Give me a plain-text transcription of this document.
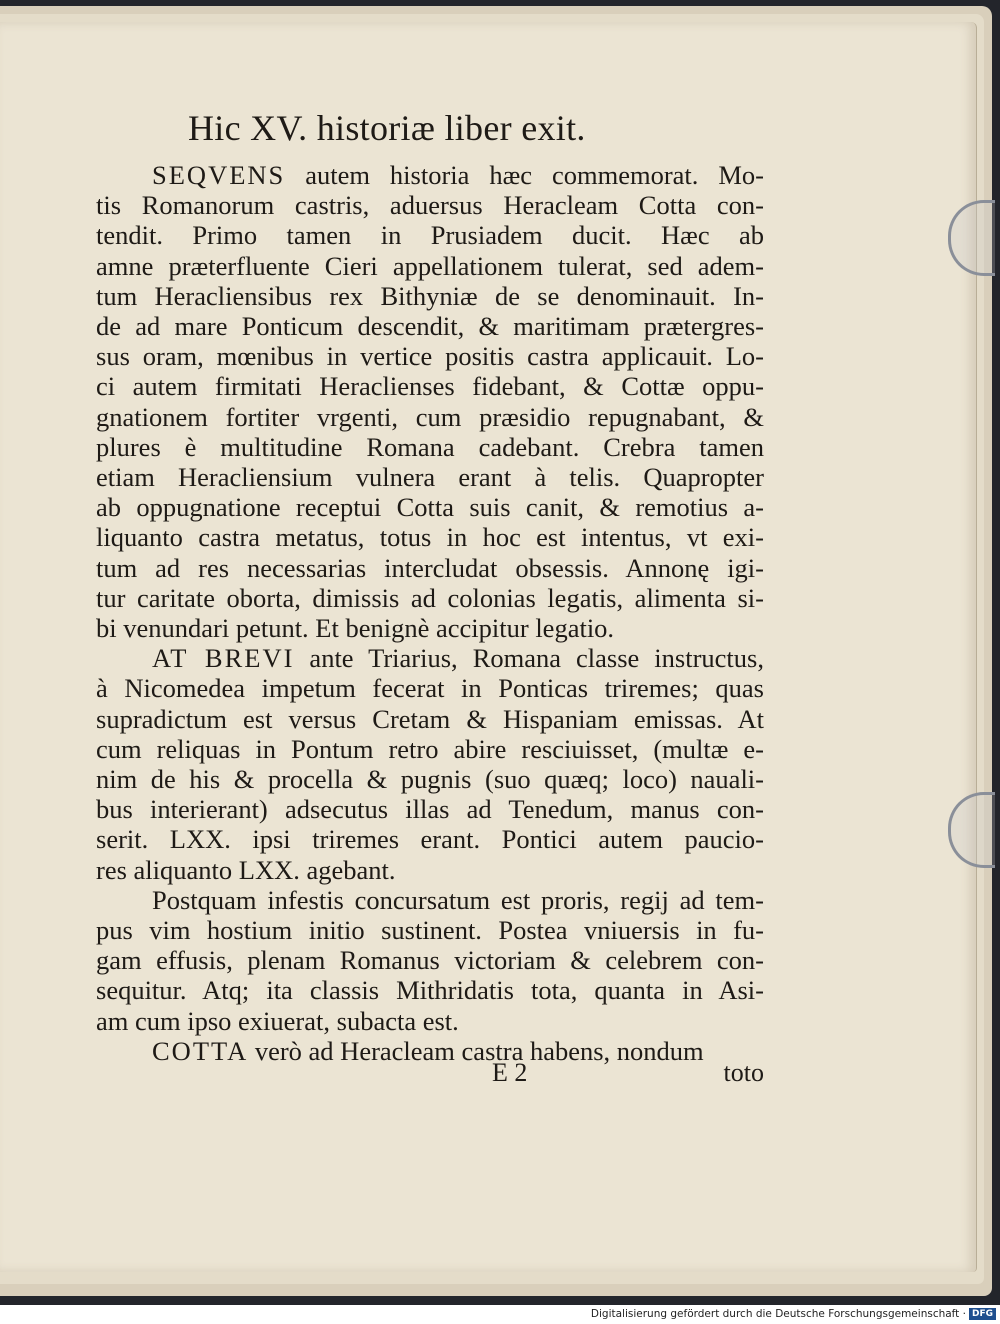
Hic XV. historiæ liber exit.
SEQVENS autem historia hæc commemorat. Mo-
tis Romanorum castris, aduersus Heracleam Cotta con-
tendit. Primo tamen in Prusiadem ducit. Hæc ab
amne præterfluente Cieri appellationem tulerat, sed adem-
tum Heracliensibus rex Bithyniæ de se denominauit. In-
de ad mare Ponticum descendit, & maritimam prætergres-
sus oram, mœnibus in vertice positis castra applicauit. Lo-
ci autem firmitati Heraclienses fidebant, & Cottæ oppu-
gnationem fortiter vrgenti, cum præsidio repugnabant, &
plures è multitudine Romana cadebant. Crebra tamen
etiam Heracliensium vulnera erant à telis. Quapropter
ab oppugnatione receptui Cotta suis canit, & remotius a-
liquanto castra metatus, totus in hoc est intentus, vt exi-
tum ad res necessarias intercludat obsessis. Annonę igi-
tur caritate oborta, dimissis ad colonias legatis, alimenta si-
bi venundari petunt. Et benignè accipitur legatio.
AT BREVI ante Triarius, Romana classe instructus,
à Nicomedea impetum fecerat in Ponticas triremes; quas
supradictum est versus Cretam & Hispaniam emissas. At
cum reliquas in Pontum retro abire resciuisset, (multæ e-
nim de his & procella & pugnis (suo quæq; loco) nauali-
bus interierant) adsecutus illas ad Tenedum, manus con-
serit. LXX. ipsi triremes erant. Pontici autem paucio-
res aliquanto LXX. agebant.
Postquam infestis concursatum est proris, regij ad tem-
pus vim hostium initio sustinent. Postea vniuersis in fu-
gam effusis, plenam Romanus victoriam & celebrem con-
sequitur. Atq; ita classis Mithridatis tota, quanta in Asi-
am cum ipso exiuerat, subacta est.
COTTA verò ad Heracleam castra habens, nondum
E 2	toto
Digitalisierung gefördert durch die Deutsche Forschungsgemeinschaft · DFG
